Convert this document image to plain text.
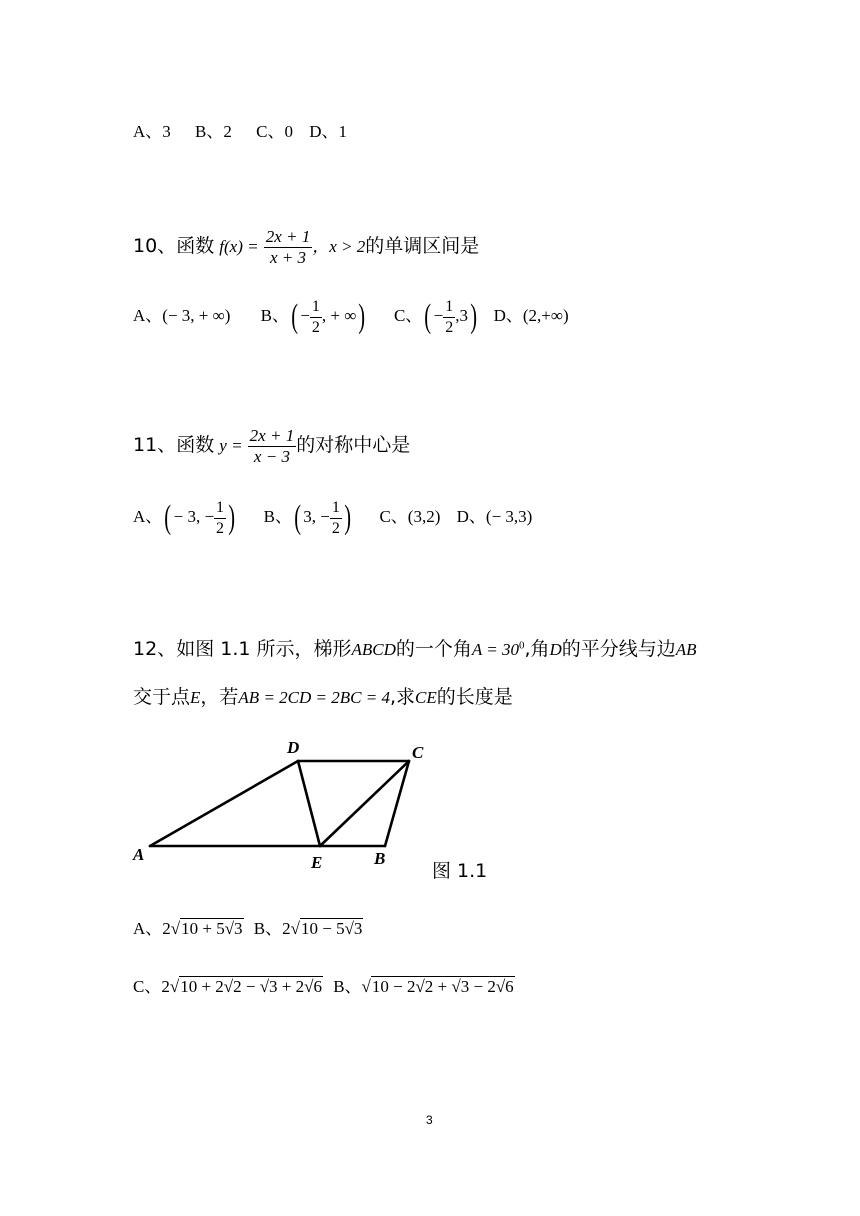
A、3 B、2 C、0 D、1
10、函数 $f(x) = \frac{2x + 1}{x + 3}$ ，x > 2的单调区间是
A、(− 3, + ∞) B、( − $\frac{1}{2}$ , + ∞) C、( − $\frac{1}{2} ,3$) D、(2,+∞)
11、函数 $y = \frac{2x + 1}{x - 3}$ 的对称中心是
A、( − 3, − $\frac{1}{2}$ ) B、( 3, − $\frac{1}{2}$ ) C、(3,2) D、(− 3,3)
12、如图 1.1 所示，梯形ABCD的一个角$A = 30^0$,角D的平分线与边AB
交于点E，若AB = 2CD = 2BC = 4,求CE的长度是
D	C
A	E	B
图 1.1
A、2√10 + 5√3 B、2√10 − 5√3
C、2√10 + 2√2 − √3 + 2√6 B、√10 − 2√2 + √3 − 2√6
3
